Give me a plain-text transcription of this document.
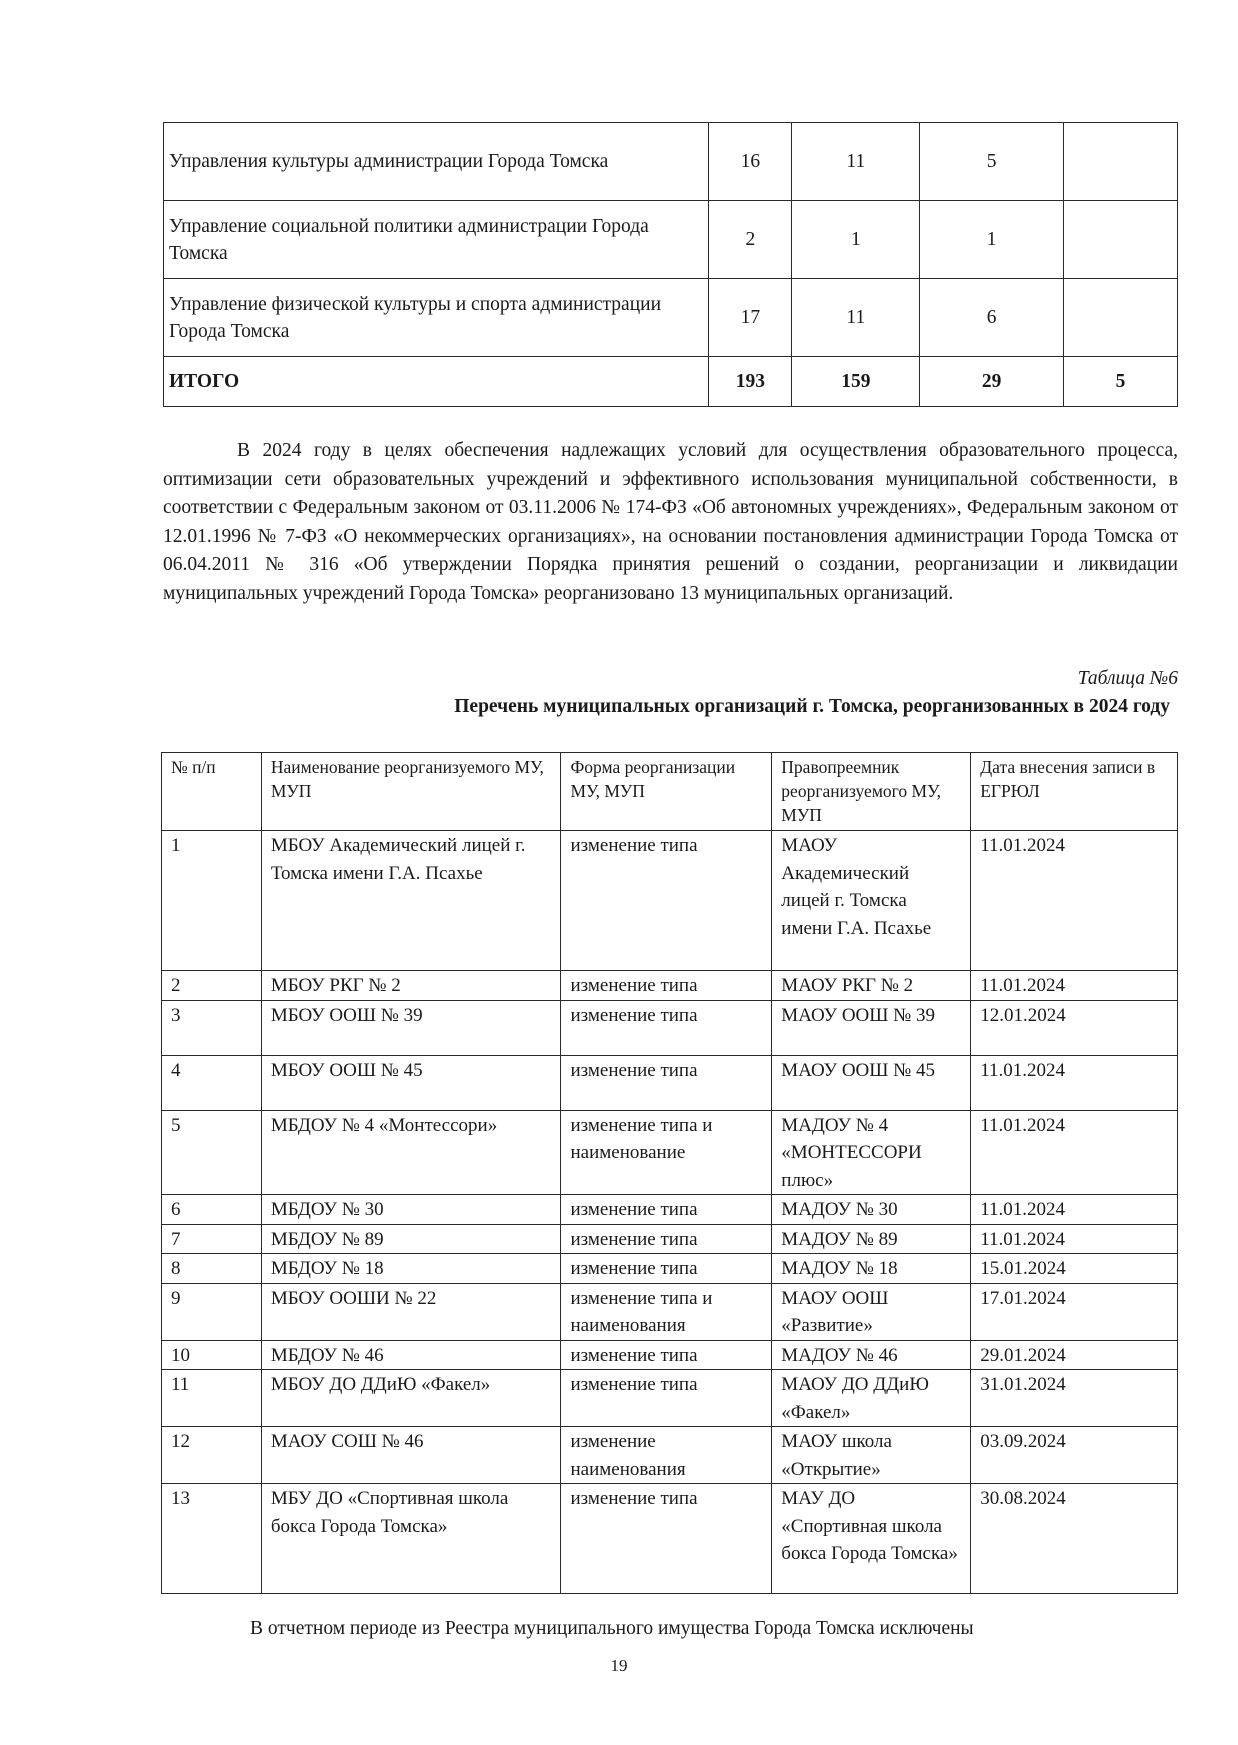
Управления культуры администрации Города Томска	16	11	5	
Управление социальной политики администрации Города Томска	2	1	1	
Управление физической культуры и спорта администрации Города Томска	17	11	6	
ИТОГО	193	159	29	5

В 2024 году в целях обеспечения надлежащих условий для осуществления образовательного процесса, оптимизации сети образовательных учреждений и эффективного использования муниципальной собственности, в соответствии с Федеральным законом от 03.11.2006 № 174-ФЗ «Об автономных учреждениях», Федеральным законом от 12.01.1996 № 7-ФЗ «О некоммерческих организациях», на основании постановления администрации Города Томска от 06.04.2011 № 316 «Об утверждении Порядка принятия решений о создании, реорганизации и ликвидации муниципальных учреждений Города Томска» реорганизовано 13 муниципальных организаций.

Таблица №6
Перечень муниципальных организаций г. Томска, реорганизованных в 2024 году
№ п/п	Наименование реорганизуемого МУ, МУП	Форма реорганизации МУ, МУП	Правопреемник реорганизуемого МУ, МУП	Дата внесения записи в ЕГРЮЛ
1	МБОУ Академический лицей г. Томска имени Г.А. Псахье	изменение типа	МАОУ Академический лицей г. Томска имени Г.А. Псахье	11.01.2024
2	МБОУ РКГ № 2	изменение типа	МАОУ РКГ № 2	11.01.2024
3	МБОУ ООШ № 39	изменение типа	МАОУ ООШ № 39	12.01.2024
4	МБОУ ООШ № 45	изменение типа	МАОУ ООШ № 45	11.01.2024
5	МБДОУ № 4 «Монтессори»	изменение типа и наименование	МАДОУ № 4 «МОНТЕССОРИ плюс»	11.01.2024
6	МБДОУ № 30	изменение типа	МАДОУ № 30	11.01.2024
7	МБДОУ № 89	изменение типа	МАДОУ № 89	11.01.2024
8	МБДОУ № 18	изменение типа	МАДОУ № 18	15.01.2024
9	МБОУ ООШИ № 22	изменение типа и наименования	МАОУ ООШ «Развитие»	17.01.2024
10	МБДОУ № 46	изменение типа	МАДОУ № 46	29.01.2024
11	МБОУ ДО ДДиЮ «Факел»	изменение типа	МАОУ ДО ДДиЮ «Факел»	31.01.2024
12	МАОУ СОШ № 46	изменение наименования	МАОУ школа «Открытие»	03.09.2024
13	МБУ ДО «Спортивная школа бокса Города Томска»	изменение типа	МАУ ДО «Спортивная школа бокса Города Томска»	30.08.2024
В отчетном периоде из Реестра муниципального имущества Города Томска исключены
19
